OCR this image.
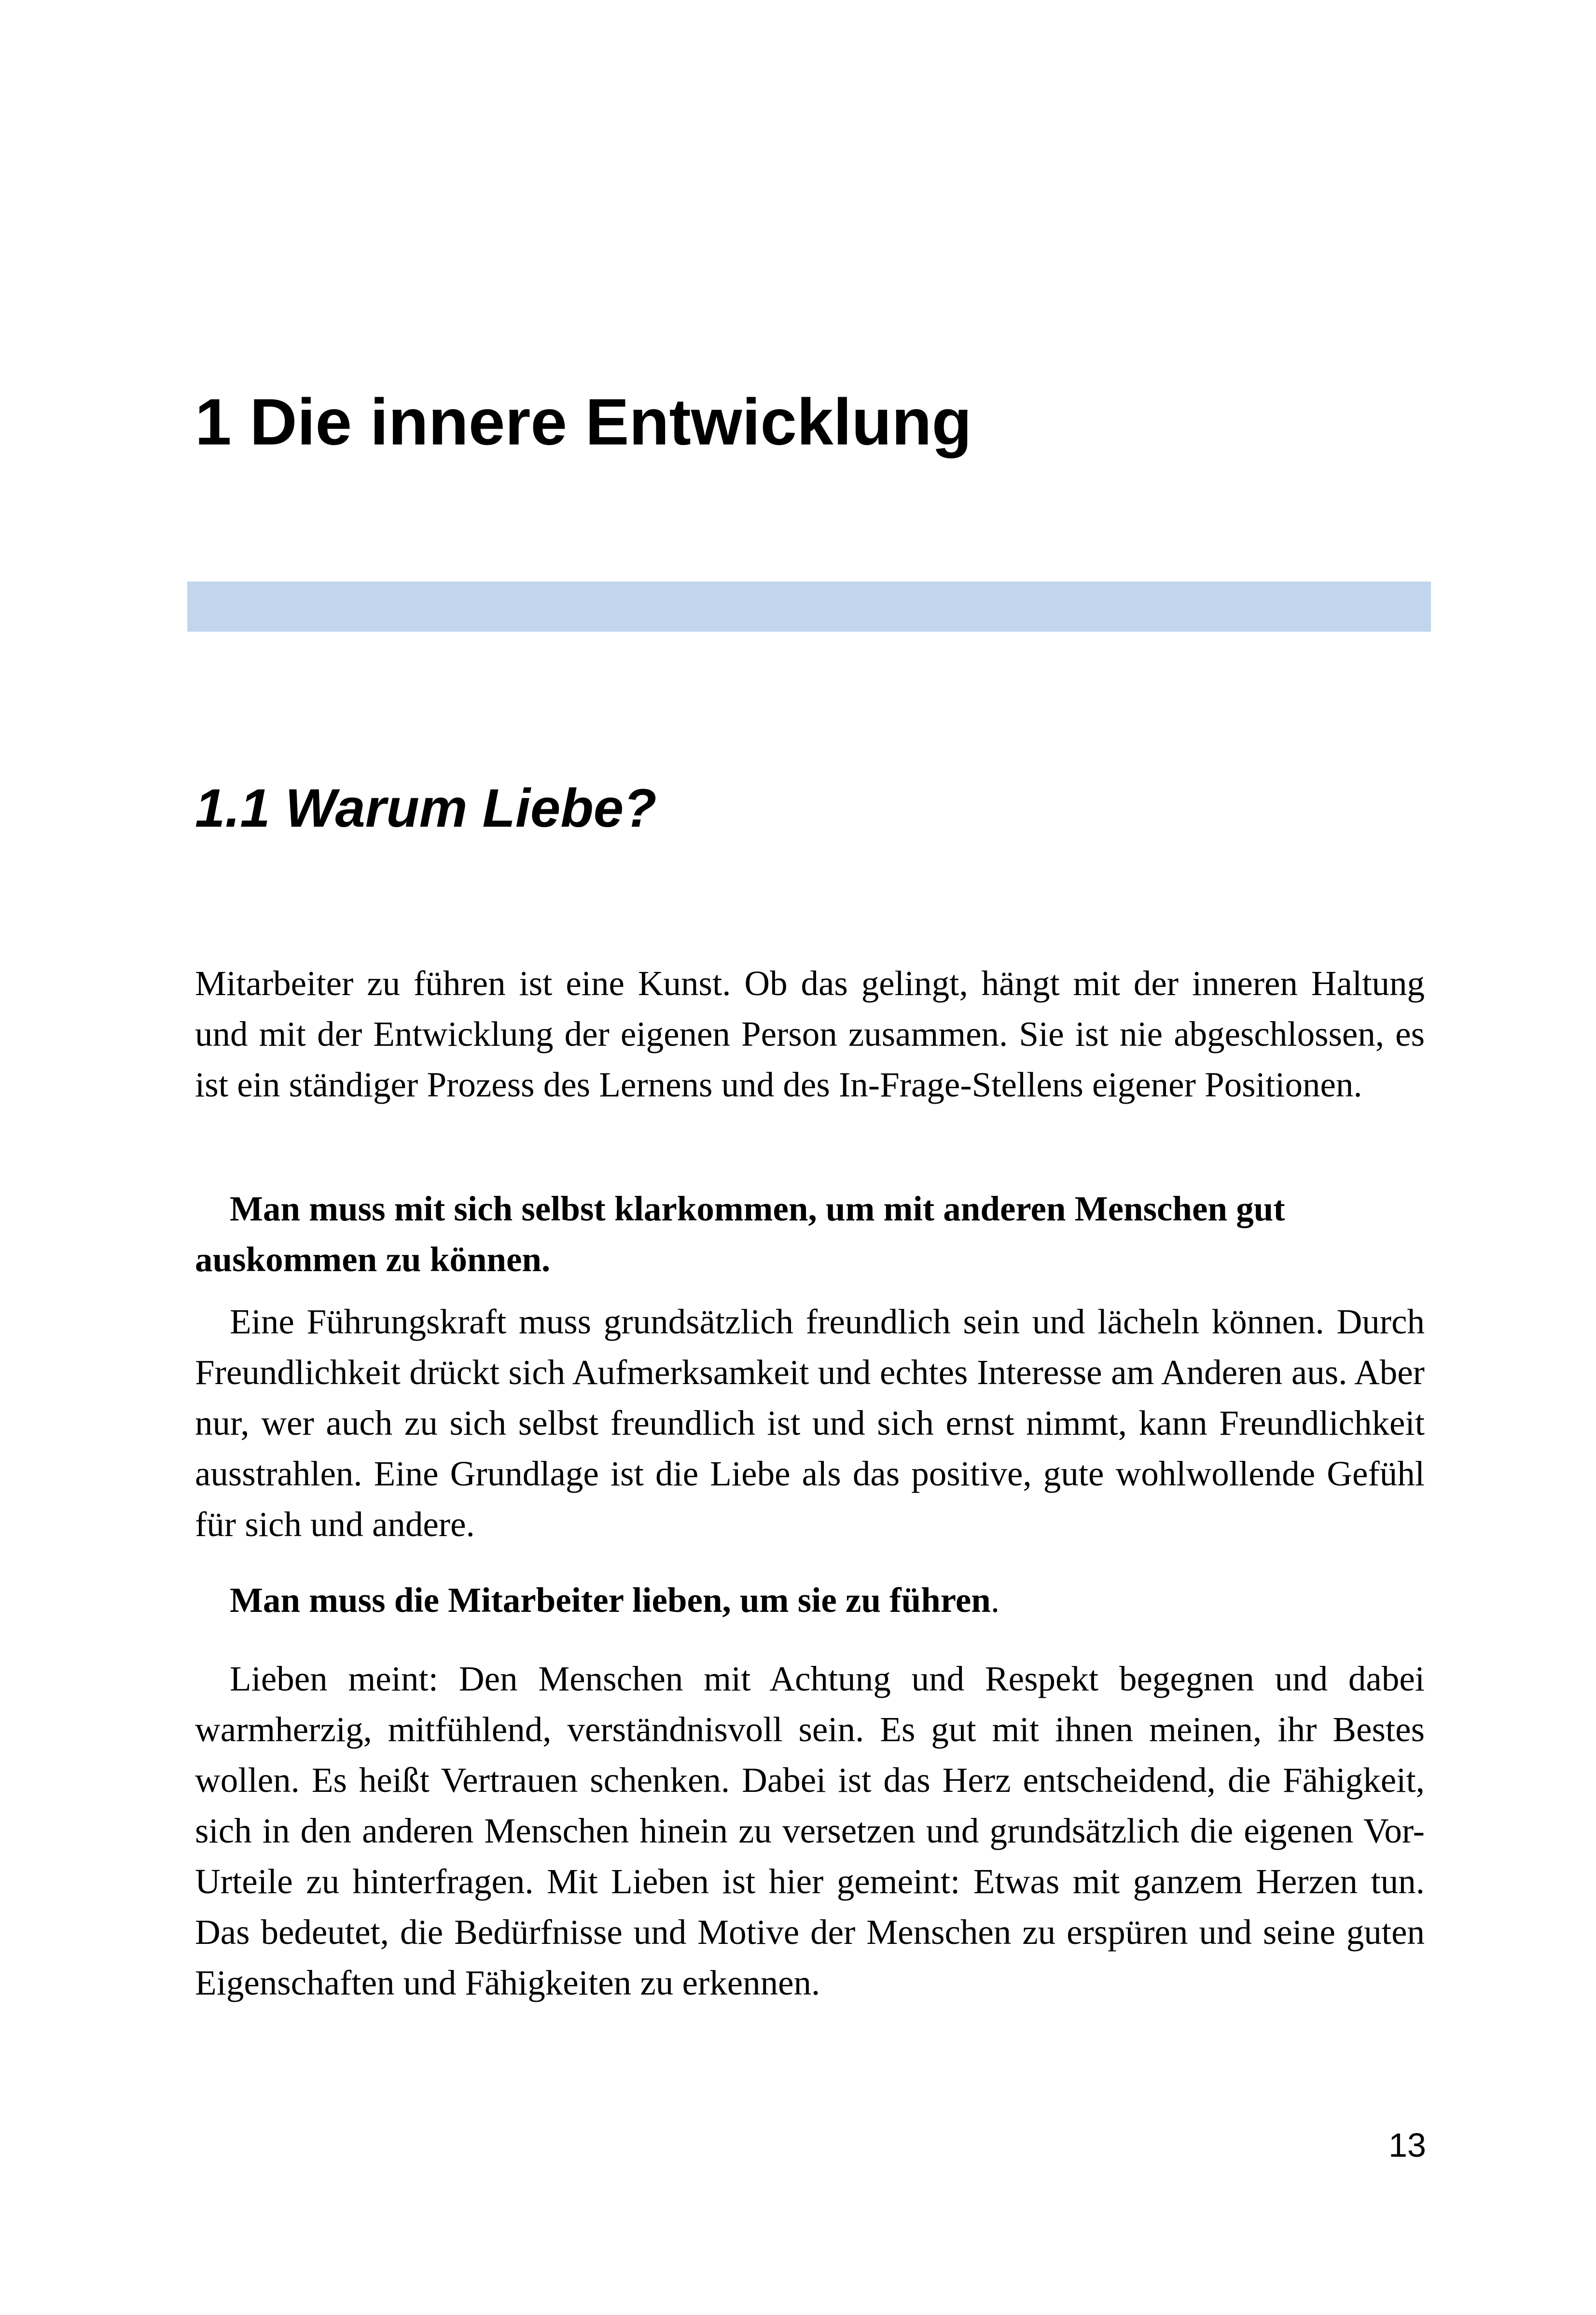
1 Die innere Entwicklung
1.1 Warum Liebe?

Mitarbeiter zu führen ist eine Kunst. Ob das gelingt, hängt mit der inneren Haltung und mit der Entwicklung der eigenen Person zusammen. Sie ist nie abgeschlossen, es ist ein ständiger Prozess des Lernens und des In-Frage-Stellens eigener Positionen.

Man muss mit sich selbst klarkommen, um mit anderen Menschen gut auskommen zu können.

Eine Führungskraft muss grundsätzlich freundlich sein und lächeln können. Durch Freundlichkeit drückt sich Aufmerksamkeit und echtes Interesse am Anderen aus. Aber nur, wer auch zu sich selbst freundlich ist und sich ernst nimmt, kann Freundlichkeit ausstrahlen. Eine Grundlage ist die Liebe als das positive, gute wohlwollende Gefühl für sich und andere.

Man muss die Mitarbeiter lieben, um sie zu führen.

Lieben meint: Den Menschen mit Achtung und Respekt begegnen und dabei warmherzig, mitfühlend, verständnisvoll sein. Es gut mit ihnen meinen, ihr Bestes wollen. Es heißt Vertrauen schenken. Dabei ist das Herz entscheidend, die Fähigkeit, sich in den anderen Menschen hinein zu versetzen und grundsätzlich die eigenen Vor-Urteile zu hinterfragen. Mit Lieben ist hier gemeint: Etwas mit ganzem Herzen tun. Das bedeutet, die Bedürfnisse und Motive der Menschen zu erspüren und seine guten Eigenschaften und Fähigkeiten zu erkennen.

13
